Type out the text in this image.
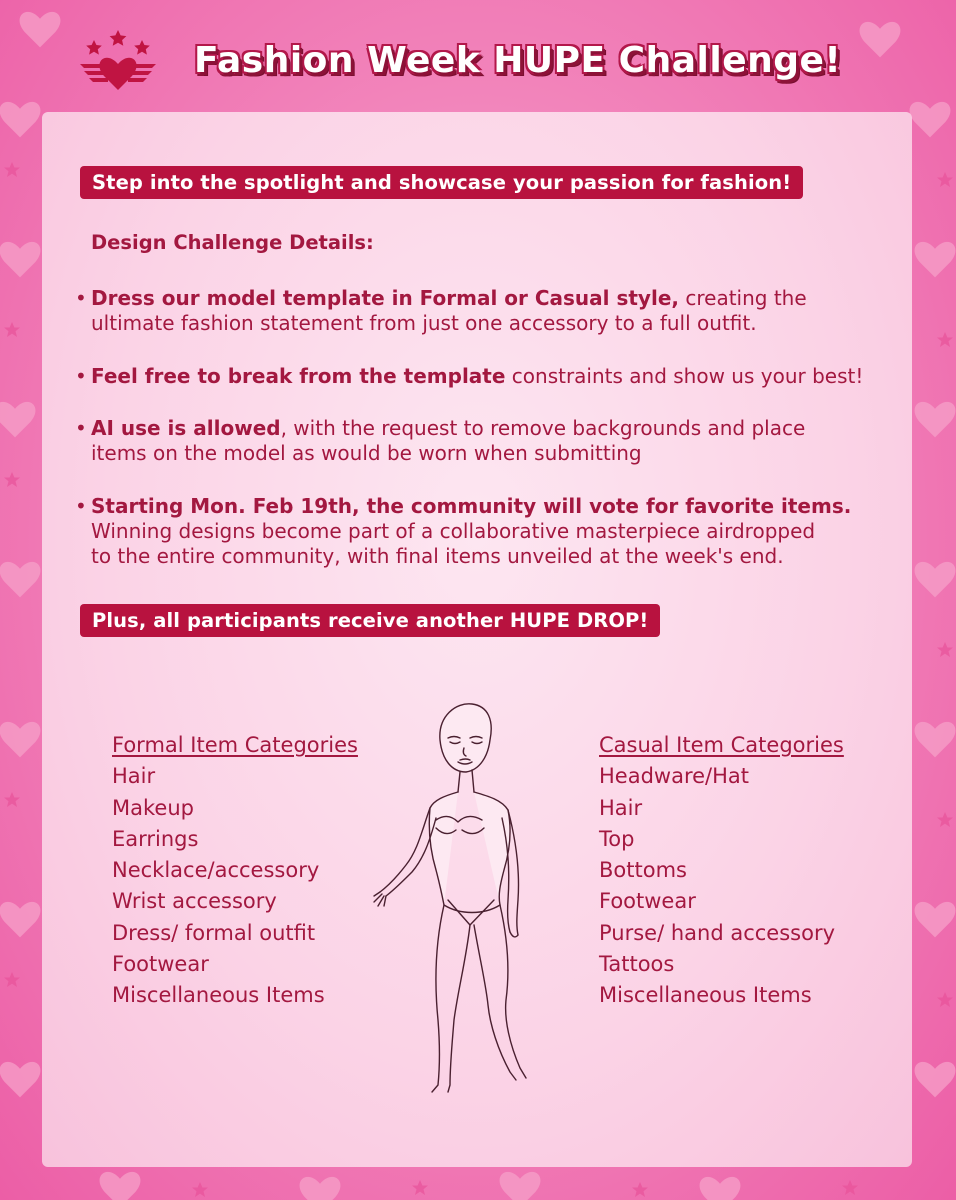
Fashion Week HUPE Challenge!
Step into the spotlight and showcase your passion for fashion!
Design Challenge Details:
• Dress our model template in Formal or Casual style, creating the
ultimate fashion statement from just one accessory to a full outfit.
• Feel free to break from the template constraints and show us your best!
• AI use is allowed, with the request to remove backgrounds and place
items on the model as would be worn when submitting
• Starting Mon. Feb 19th, the community will vote for favorite items.
Winning designs become part of a collaborative masterpiece airdropped
to the entire community, with final items unveiled at the week's end.
Plus, all participants receive another HUPE DROP!
Formal Item Categories
Hair
Makeup
Earrings
Necklace/accessory
Wrist accessory
Dress/ formal outfit
Footwear
Miscellaneous Items
Casual Item Categories
Headware/Hat
Hair
Top
Bottoms
Footwear
Purse/ hand accessory
Tattoos
Miscellaneous Items
